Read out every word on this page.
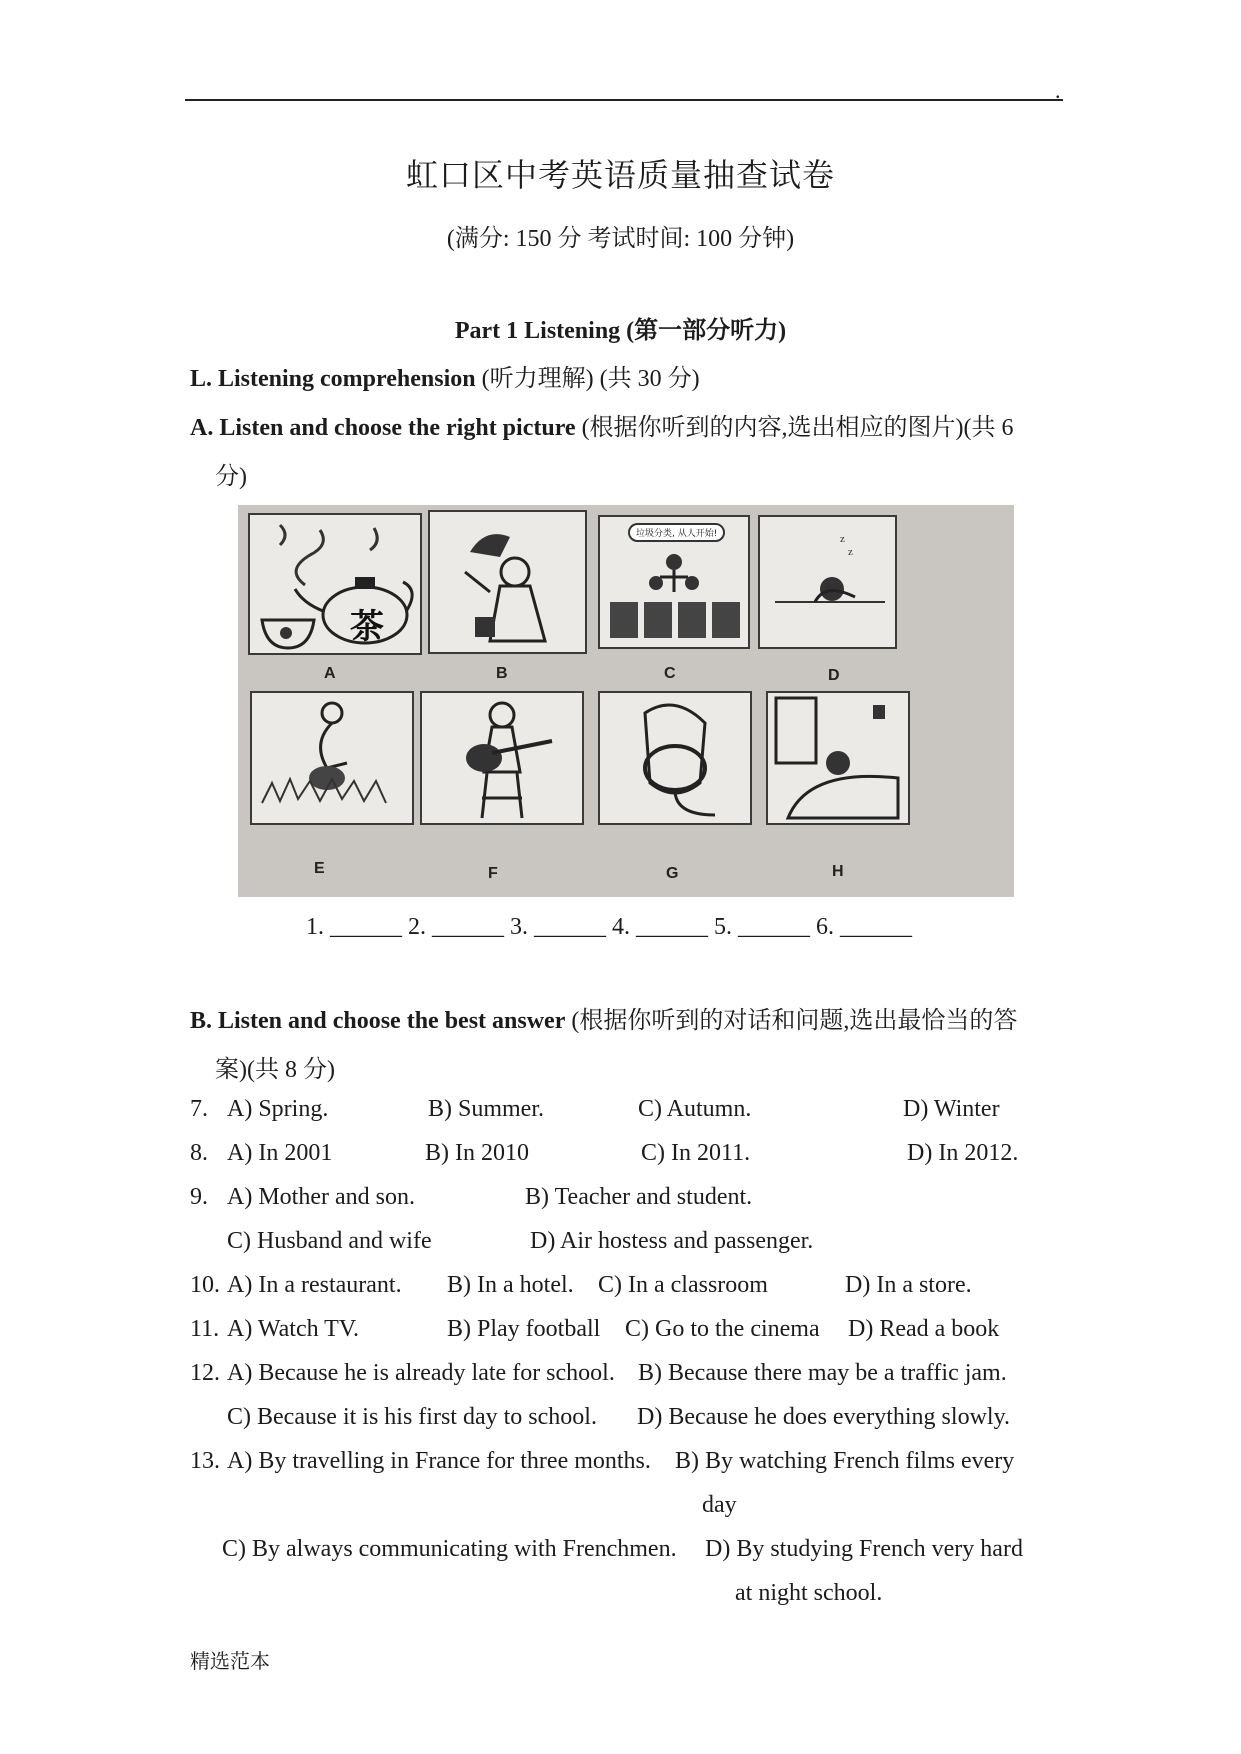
.
虹口区中考英语质量抽查试卷
(满分: 150 分 考试时间: 100 分钟)
Part 1 Listening (第一部分听力)
L. Listening comprehension (听力理解) (共 30 分)
A. Listen and choose the right picture (根据你听到的内容,选出相应的图片)(共 6
分)
茶
A	B
垃圾分类, 从人开始!
C
z
z
D
E	F	G	H
1. ______ 2. ______ 3. ______ 4. ______ 5. ______ 6. ______
B. Listen and choose the best answer (根据你听到的对话和问题,选出最恰当的答
案)(共 8 分)
7. A) Spring.	B) Summer.	C) Autumn.	D) Winter
8. A) In 2001	B) In 2010	C) In 2011.	D) In 2012.
9. A) Mother and son.	B) Teacher and student.
C) Husband and wife	D) Air hostess and passenger.
10. A) In a restaurant. B) In a hotel. C) In a classroom	D) In a store.
11. A) Watch TV.	B) Play football C) Go to the cinema D) Read a book
12. A) Because he is already late for school. B) Because there may be a traffic jam.
C) Because it is his first day to school. D) Because he does everything slowly.
13. A) By travelling in France for three months. B) By watching French films every
day
C) By always communicating with Frenchmen. D) By studying French very hard
at night school.
精选范本
